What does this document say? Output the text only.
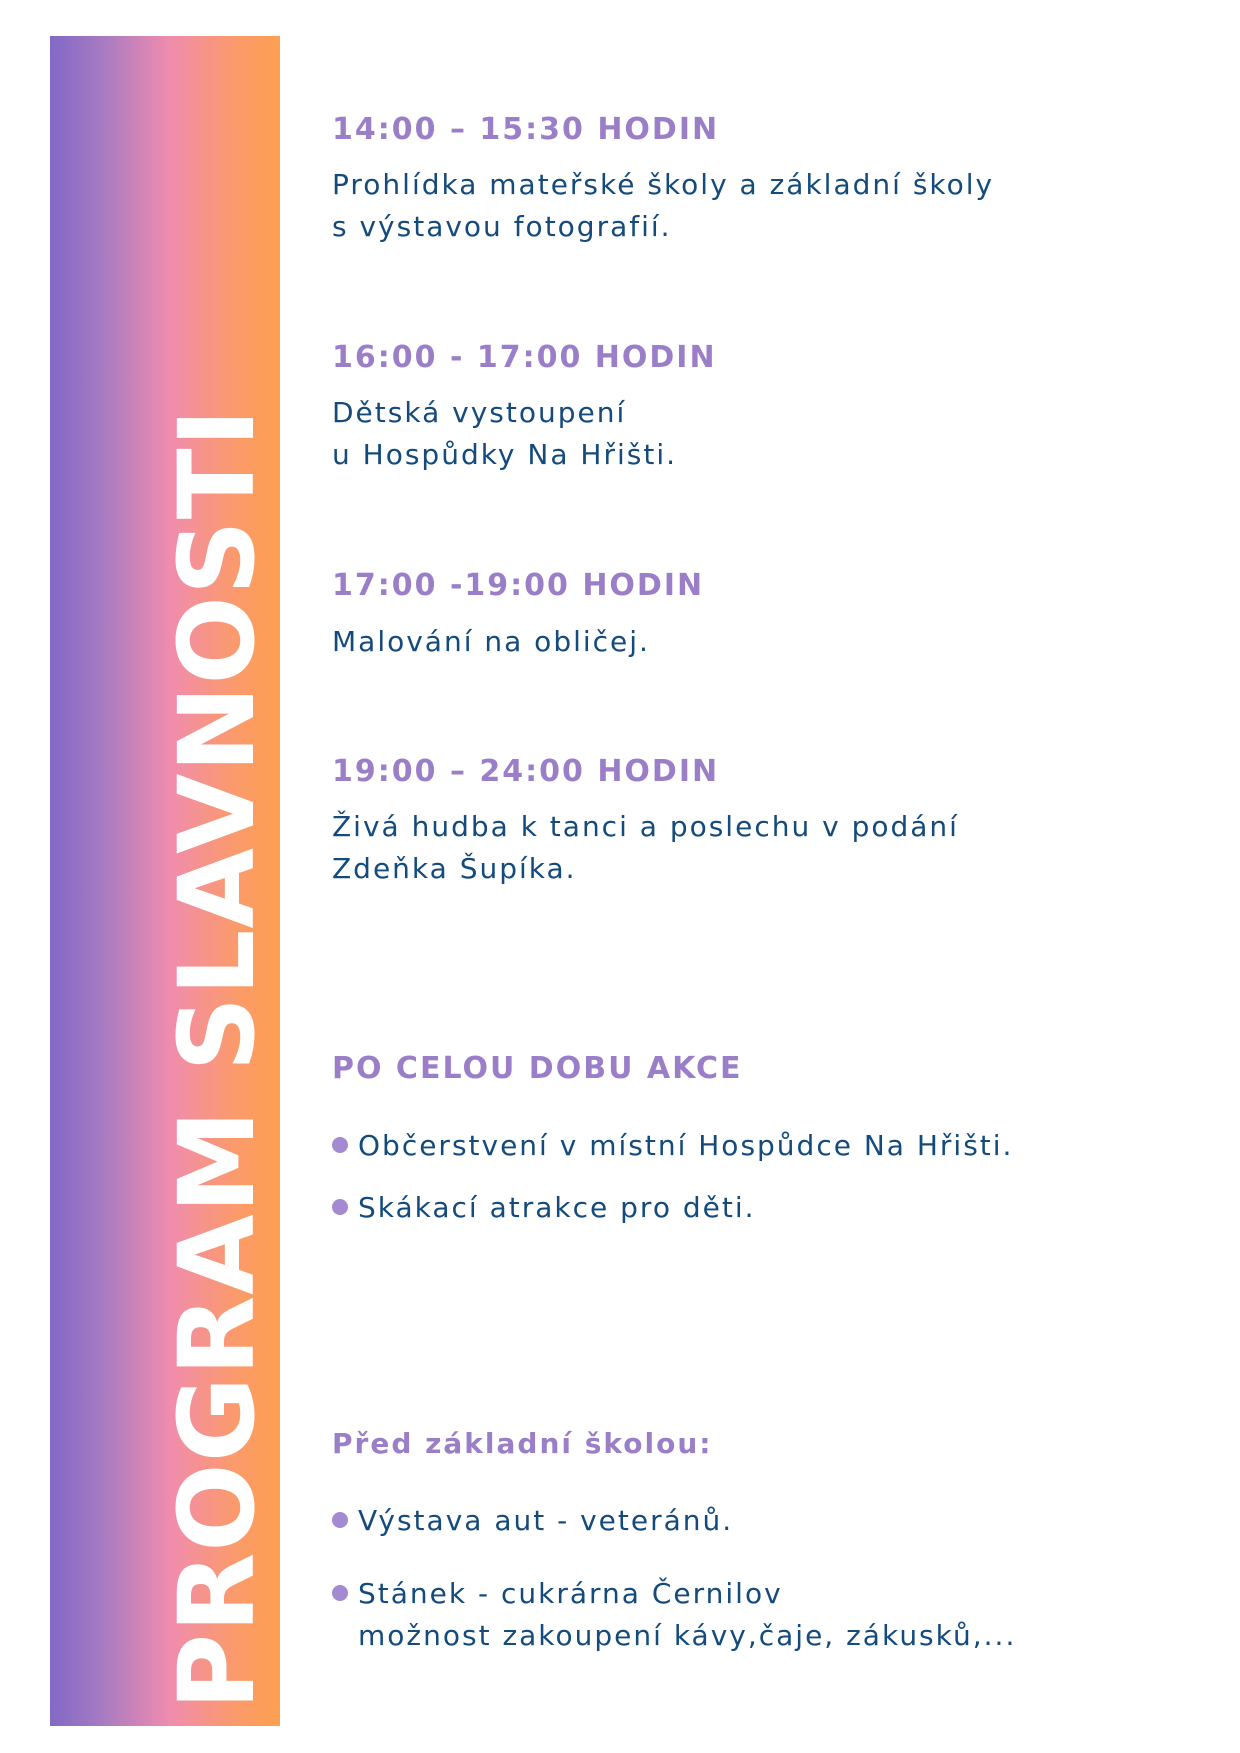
PROGRAM SLAVNOSTI
14:00 – 15:30 HODIN
Prohlídka mateřské školy a základní školy
s výstavou fotografií.
16:00 - 17:00 HODIN
Dětská vystoupení
u Hospůdky Na Hřišti.
17:00 -19:00 HODIN
Malování na obličej.
19:00 – 24:00 HODIN
Živá hudba k tanci a poslechu v podání
Zdeňka Šupíka.
PO CELOU DOBU AKCE
Občerstvení v místní Hospůdce Na Hřišti.
Skákací atrakce pro děti.
Před základní školou:
Výstava aut - veteránů.
Stánek - cukrárna Černilov
možnost zakoupení kávy,čaje, zákusků,...
